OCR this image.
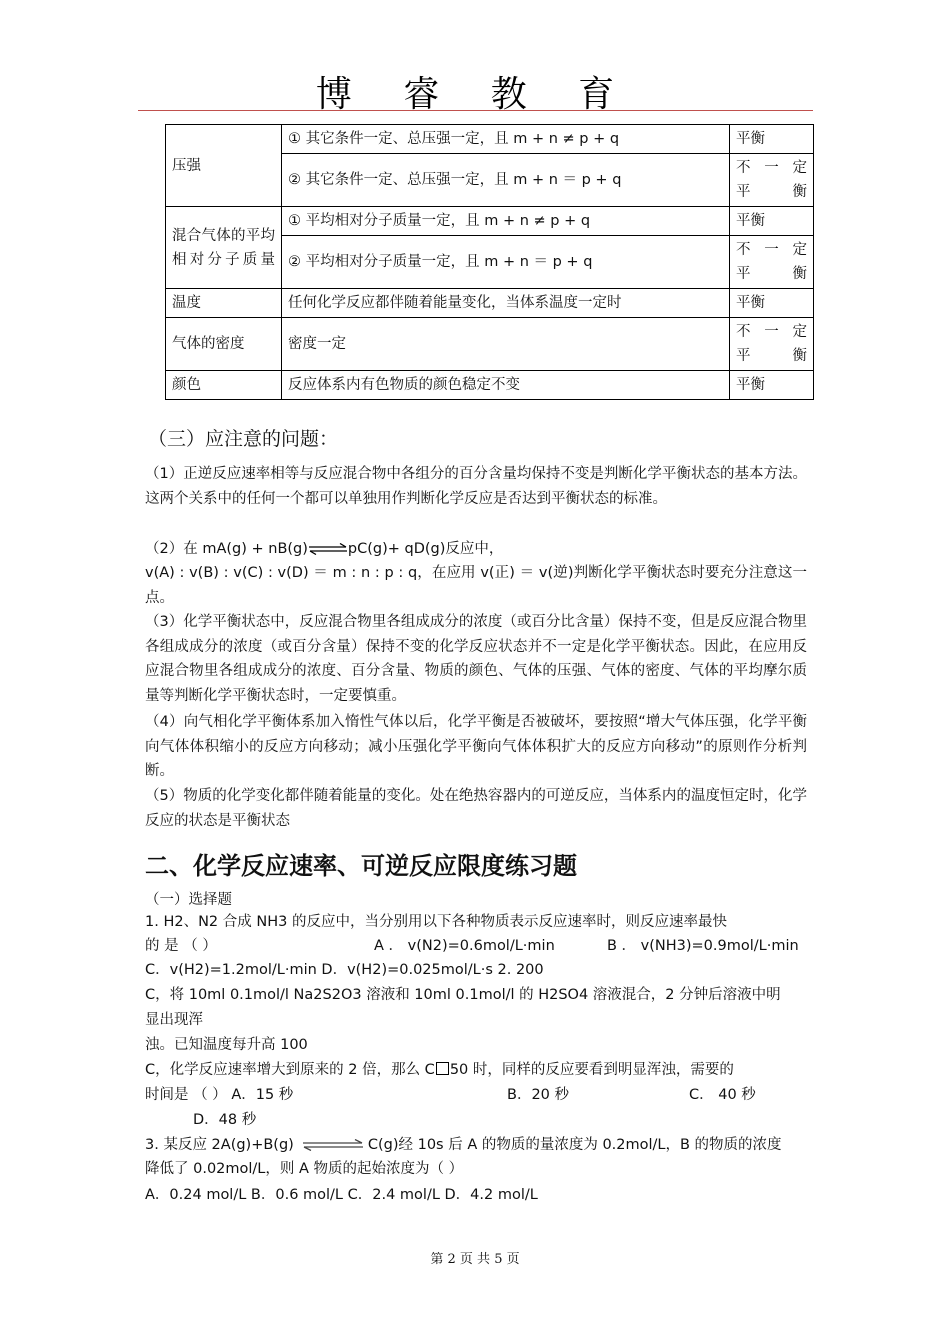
博 睿 教 育
压强	① 其它条件一定、总压强一定，且 m + n ≠ p + q	平衡
	② 其它条件一定、总压强一定，且 m + n ＝ p + q	不 一 定 平衡
混合气体的平均相对分子质量	① 平均相对分子质量一定，且 m + n ≠ p + q	平衡
	② 平均相对分子质量一定，且 m + n ＝ p + q	不 一 定 平衡
温度	任何化学反应都伴随着能量变化，当体系温度一定时	平衡
气体的密度	密度一定	不 一 定 平衡
颜色	反应体系内有色物质的颜色稳定不变	平衡
（三）应注意的问题：
（1）正逆反应速率相等与反应混合物中各组分的百分含量均保持不变是判断化学平衡状态的基本方法。这两个关系中的任何一个都可以单独用作判断化学反应是否达到平衡状态的标准。
（2）在 mA(g) + nB(g)⇌pC(g)+ qD(g)反应中，
v(A) : v(B) : v(C) : v(D) ＝ m : n : p : q，在应用 v(正) ＝ v(逆)判断化学平衡状态时要充分注意这一点。
（3）化学平衡状态中，反应混合物里各组成成分的浓度（或百分比含量）保持不变，但是反应混合物里各组成成分的浓度（或百分含量）保持不变的化学反应状态并不一定是化学平衡状态。因此，在应用反应混合物里各组成成分的浓度、百分含量、物质的颜色、气体的压强、气体的密度、气体的平均摩尔质量等判断化学平衡状态时，一定要慎重。
（4）向气相化学平衡体系加入惰性气体以后，化学平衡是否被破坏，要按照“增大气体压强，化学平衡向气体体积缩小的反应方向移动；减小压强化学平衡向气体体积扩大的反应方向移动”的原则作分析判断。
（5）物质的化学变化都伴随着能量的变化。处在绝热容器内的可逆反应，当体系内的温度恒定时，化学反应的状态是平衡状态
二、化学反应速率、可逆反应限度练习题
（一）选择题
1. H2、N2 合成 NH3 的反应中，当分别用以下各种物质表示反应速率时，则反应速率最快
的 是 （ ）	A ． v(N2)=0.6mol/L·min	B ． v(NH3)=0.9mol/L·min
C．v(H2)=1.2mol/L·min D．v(H2)=0.025mol/L·s 2. 200
C，将 10ml 0.1mol/l Na2S2O3 溶液和 10ml 0.1mol/l 的 H2SO4 溶液混合，2 分钟后溶液中明
显出现浑
浊。已知温度每升高 100
C，化学反应速率增大到原来的 2 倍，那么 C 50 时，同样的反应要看到明显浑浊，需要的
时间是 （ ） A．15 秒	B．20 秒	C． 40 秒
D．48 秒
3. 某反应 2A(g)+B(g)	C(g)经 10s 后 A 的物质的量浓度为 0.2mol/L，B 的物质的浓度
降低了 0.02mol/L，则 A 物质的起始浓度为（ ）
A．0.24 mol/L B．0.6 mol/L C．2.4 mol/L D．4.2 mol/L
第 2 页 共 5 页
